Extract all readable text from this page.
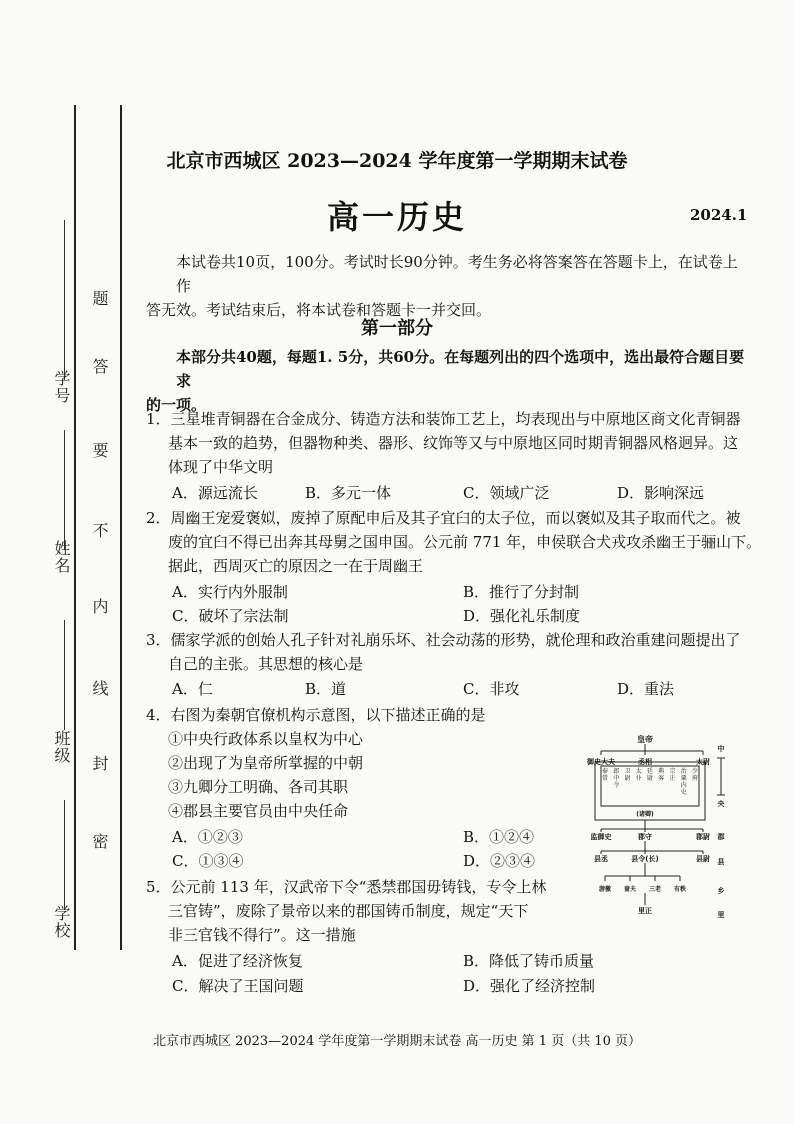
学号
姓名
班级
学校
题
答
要
不
内
线
封
密
北京市西城区 2023—2024 学年度第一学期期末试卷
高一历史	2024.1
本试卷共10页，100分。考试时长90分钟。考生务必将答案答在答题卡上，在试卷上作
答无效。考试结束后，将本试卷和答题卡一并交回。
第一部分
本部分共40题，每题1. 5分，共60分。在每题列出的四个选项中，选出最符合题目要求
的一项。
1．三星堆青铜器在合金成分、铸造方法和装饰工艺上，均表现出与中原地区商文化青铜器
基本一致的趋势，但器物种类、器形、纹饰等又与中原地区同时期青铜器风格迥异。这
体现了中华文明
A．源远流长	B．多元一体	C．领域广泛	D．影响深远
2．周幽王宠爱褒姒，废掉了原配申后及其子宜臼的太子位，而以褒姒及其子取而代之。被
废的宜臼不得已出奔其母舅之国申国。公元前 771 年，申侯联合犬戎攻杀幽王于骊山下。
据此，西周灭亡的原因之一在于周幽王
A．实行内外服制	B．推行了分封制
C．破坏了宗法制	D．强化礼乐制度
3．儒家学派的创始人孔子针对礼崩乐坏、社会动荡的形势，就伦理和政治重建问题提出了
自己的主张。其思想的核心是
A．仁	B．道	C．非攻	D．重法
4．右图为秦朝官僚机构示意图，以下描述正确的是
①中央行政体系以皇权为中心
②出现了为皇帝所掌握的中朝
③九卿分工明确、各司其职
④郡县主要官员由中央任命
A．①②③	B．①②④
C．①③④	D．②③④
5．公元前 113 年，汉武帝下令“悉禁郡国毋铸钱，专令上林
三官铸”，废除了景帝以来的郡国铸币制度，规定“天下
非三官钱不得行”。这一措施
A．促进了经济恢复	B．降低了铸币质量
C．解决了王国问题	D．强化了经济控制
皇帝
御史大夫	丞相	太尉
(诸卿)
监御史	郡守	郡尉
县丞	县令(长)	县尉
游徼 啬夫 三老 有秩
里正
中
央
郡
县
乡
里
奉常
郎中令
卫尉
太仆
廷尉
典客
宗正
治粟内史
少府
北京市西城区 2023—2024 学年度第一学期期末试卷 高一历史 第 1 页（共 10 页）
